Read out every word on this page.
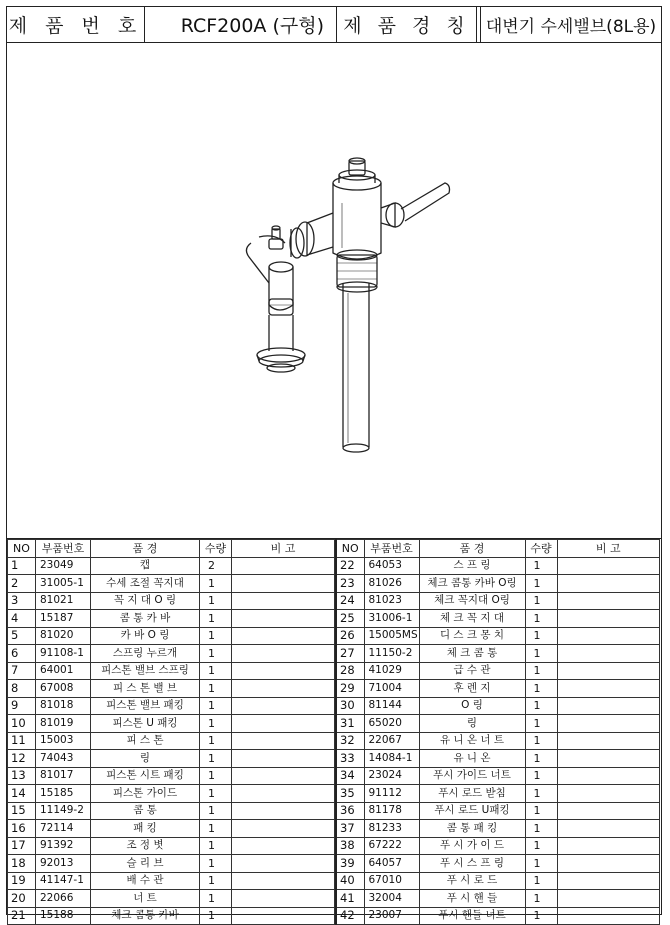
제 품 번 호	RCF200A (구형)	제 품 경 칭 대변기 수세밸브(8L용)
NO	부품번호	품 경	수량	비 고
1	23049	캡	2	
2	31005-1	수세 조절 꼭지대	1	
3	81021	꼭 지 대 O 링	1	
4	15187	콤 통 카 바	1	
5	81020	카 바 O 링	1	
6	91108-1	스프링 누르개	1	
7	64001	피스톤 밸브 스프링	1	
8	67008	피 스 톤 밸 브	1	
9	81018	피스톤 밸브 패킹	1	
10	81019	피스톤 U 패킹	1	
11	15003	피 스 톤	1	
12	74043	링	1	
13	81017	피스톤 시트 패킹	1	
14	15185	피스톤 가이드	1	
15	11149-2	콤 통	1	
16	72114	패 킹	1	
17	91392	조 정 볏	1	
18	92013	슬 리 브	1	
19	41147-1	배 수 관	1	
20	22066	너 트	1	
21	15188	체크 콤통 카바	1	
NO	부품번호	품 경	수량	비 고
22	64053	스 프 링	1	
23	81026	체크 콤통 카바 O링	1	
24	81023	체크 꼭지대 O링	1	
25	31006-1	체 크 꼭 지 대	1	
26	15005MS	디 스 크 몽 치	1	
27	11150-2	체 크 콤 통	1	
28	41029	급 수 관	1	
29	71004	후 렌 지	1	
30	81144	O 링	1	
31	65020	링	1	
32	22067	유 니 온 너 트	1	
33	14084-1	유 니 온	1	
34	23024	푸시 가이드 너트	1	
35	91112	푸시 로드 받침	1	
36	81178	푸시 로드 U패킹	1	
37	81233	콤 통 패 킹	1	
38	67222	푸 시 가 이 드	1	
39	64057	푸 시 스 프 링	1	
40	67010	푸 시 로 드	1	
41	32004	푸 시 핸 들	1	
42	23007	푸시 핸들 너트	1	
